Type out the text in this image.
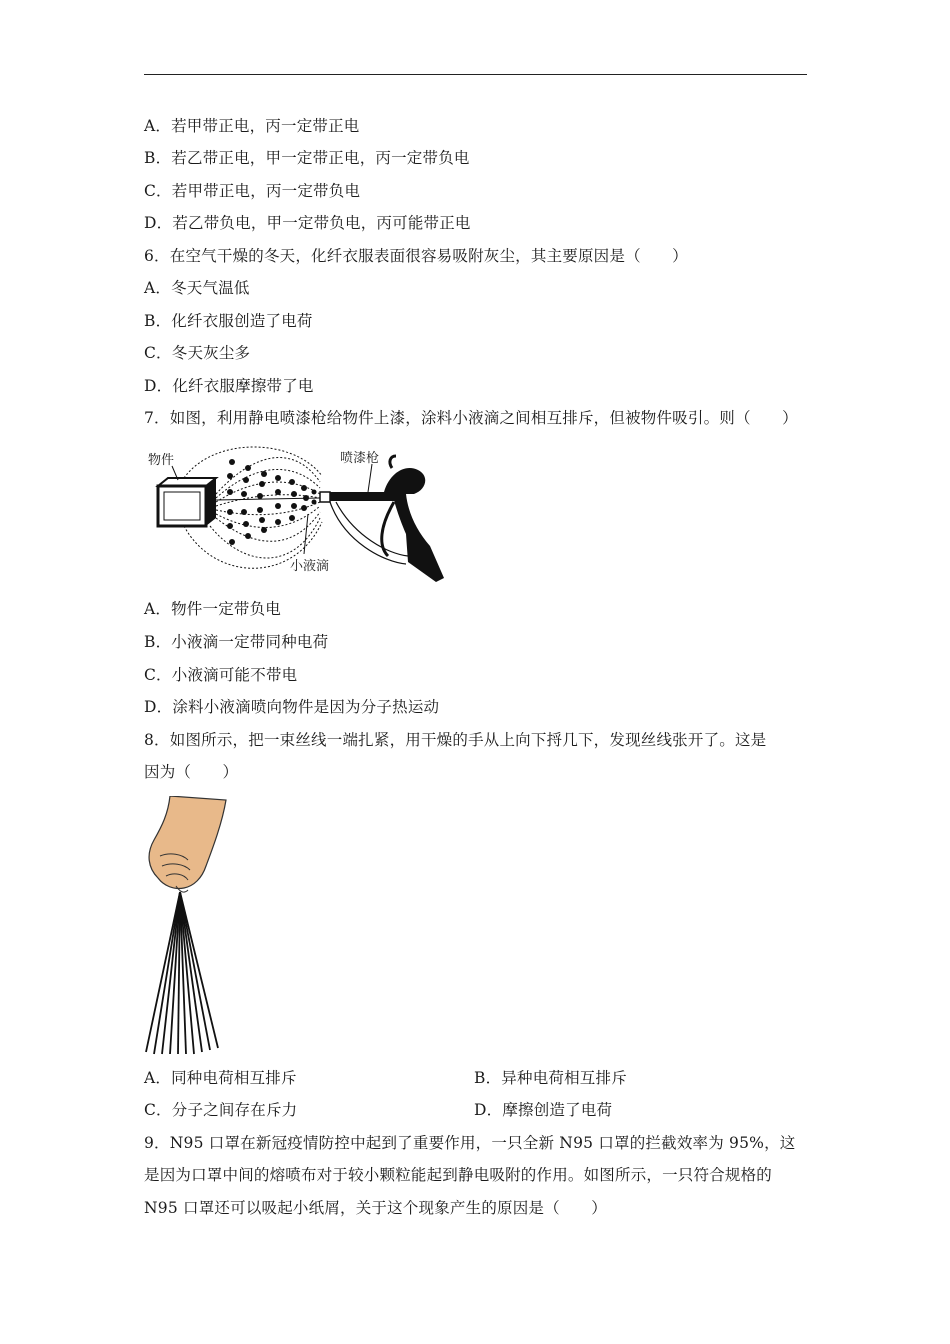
A．若甲带正电，丙一定带正电
B．若乙带正电，甲一定带正电，丙一定带负电
C．若甲带正电，丙一定带负电
D．若乙带负电，甲一定带负电，丙可能带正电
6．在空气干燥的冬天，化纤衣服表面很容易吸附灰尘，其主要原因是（　　）
A．冬天气温低
B．化纤衣服创造了电荷
C．冬天灰尘多
D．化纤衣服摩擦带了电
7．如图，利用静电喷漆枪给物件上漆，涂料小液滴之间相互排斥，但被物件吸引。则（　　）
物件	喷漆枪
小液滴
A．物件一定带负电
B．小液滴一定带同种电荷
C．小液滴可能不带电
D．涂料小液滴喷向物件是因为分子热运动
8．如图所示，把一束丝线一端扎紧，用干燥的手从上向下捋几下，发现丝线张开了。这是
因为（　　）
A．同种电荷相互排斥	B．异种电荷相互排斥
C．分子之间存在斥力	D．摩擦创造了电荷
9．N95 口罩在新冠疫情防控中起到了重要作用，一只全新 N95 口罩的拦截效率为 95%，这
是因为口罩中间的熔喷布对于较小颗粒能起到静电吸附的作用。如图所示，一只符合规格的
N95 口罩还可以吸起小纸屑，关于这个现象产生的原因是（　　）
